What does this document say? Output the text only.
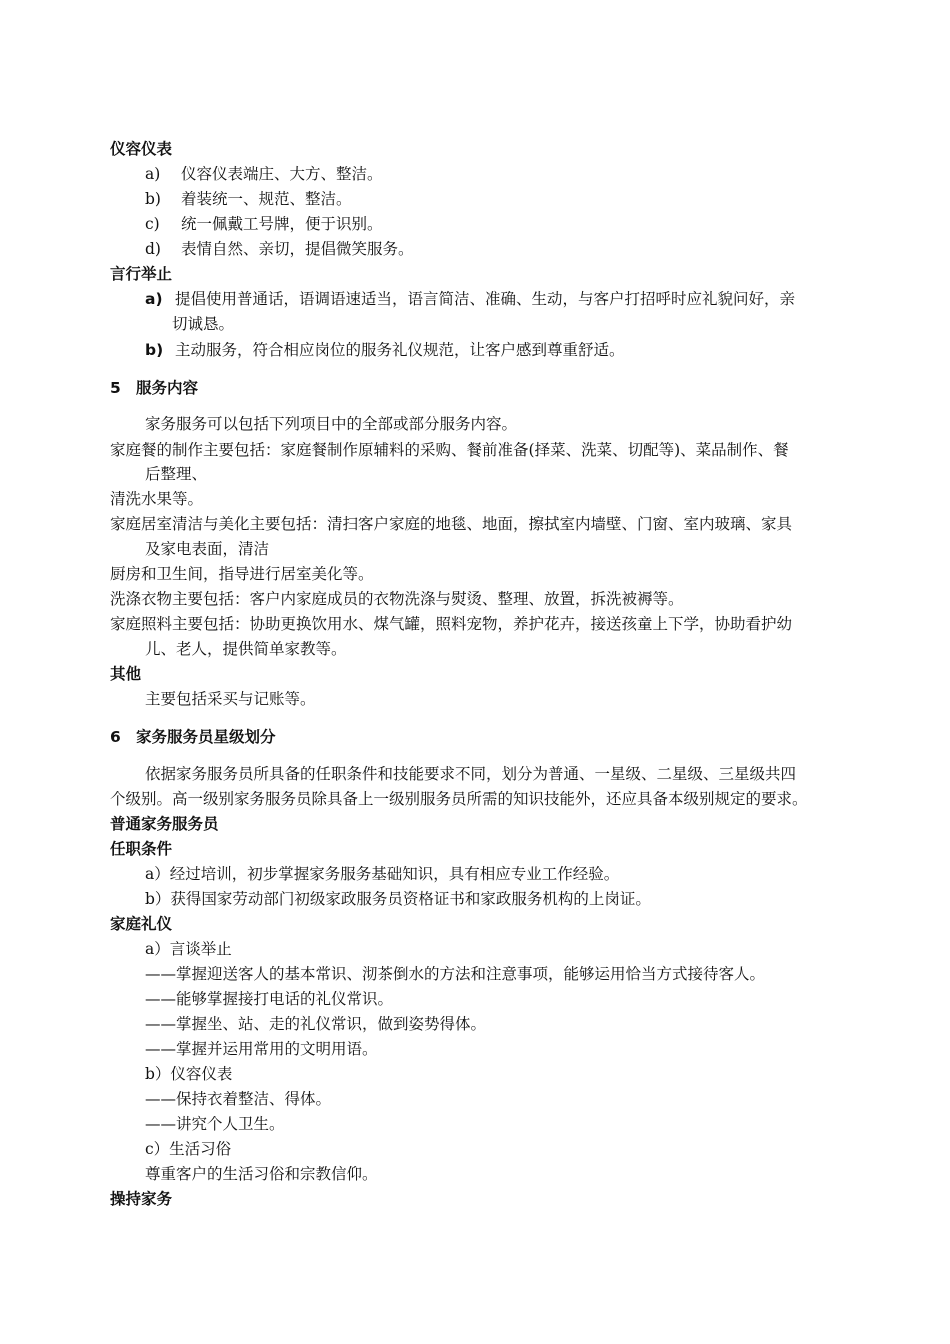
仪容仪表
a) 仪容仪表端庄、大方、整洁。
b) 着装统一、规范、整洁。
c) 统一佩戴工号牌，便于识别。
d) 表情自然、亲切，提倡微笑服务。
言行举止
a) 提倡使用普通话，语调语速适当，语言简洁、准确、生动，与客户打招呼时应礼貌问好，亲
切诚恳。
b) 主动服务，符合相应岗位的服务礼仪规范，让客户感到尊重舒适。
5 服务内容
家务服务可以包括下列项目中的全部或部分服务内容。
家庭餐的制作主要包括：家庭餐制作原辅料的采购、餐前准备(择菜、洗菜、切配等)、菜品制作、餐
后整理、
清洗水果等。
家庭居室清洁与美化主要包括：清扫客户家庭的地毯、地面，擦拭室内墙壁、门窗、室内玻璃、家具
及家电表面，清洁
厨房和卫生间，指导进行居室美化等。
洗涤衣物主要包括：客户内家庭成员的衣物洗涤与熨烫、整理、放置，拆洗被褥等。
家庭照料主要包括：协助更换饮用水、煤气罐，照料宠物，养护花卉，接送孩童上下学，协助看护幼
儿、老人，提供简单家教等。
其他
主要包括采买与记账等。
6 家务服务员星级划分
依据家务服务员所具备的任职条件和技能要求不同，划分为普通、一星级、二星级、三星级共四
个级别。高一级别家务服务员除具备上一级别服务员所需的知识技能外，还应具备本级别规定的要求。
普通家务服务员
任职条件
a）经过培训，初步掌握家务服务基础知识，具有相应专业工作经验。
b）获得国家劳动部门初级家政服务员资格证书和家政服务机构的上岗证。
家庭礼仪
a）言谈举止
——掌握迎送客人的基本常识、沏茶倒水的方法和注意事项，能够运用恰当方式接待客人。
——能够掌握接打电话的礼仪常识。
——掌握坐、站、走的礼仪常识，做到姿势得体。
——掌握并运用常用的文明用语。
b）仪容仪表
——保持衣着整洁、得体。
——讲究个人卫生。
c）生活习俗
尊重客户的生活习俗和宗教信仰。
操持家务
